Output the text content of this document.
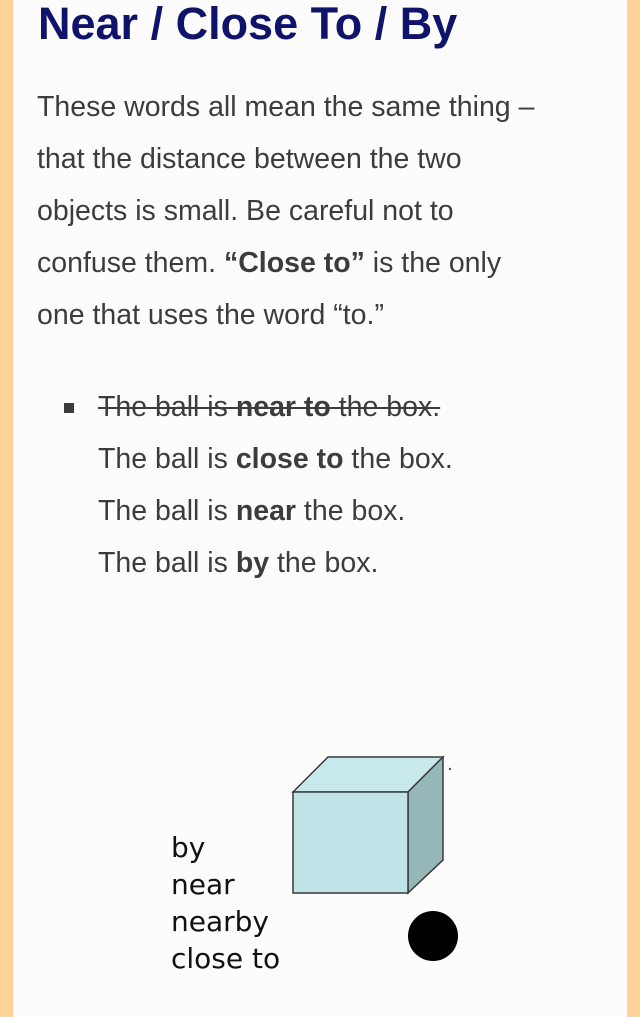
Near / Close To / By

These words all mean the same thing –

that the distance between the two

objects is small. Be careful not to

confuse them. “Close to” is the only

one that uses the word “to.”

The ball is near to the box.
The ball is close to the box.
The ball is near the box.
The ball is by the box.
by
near
nearby
close to
